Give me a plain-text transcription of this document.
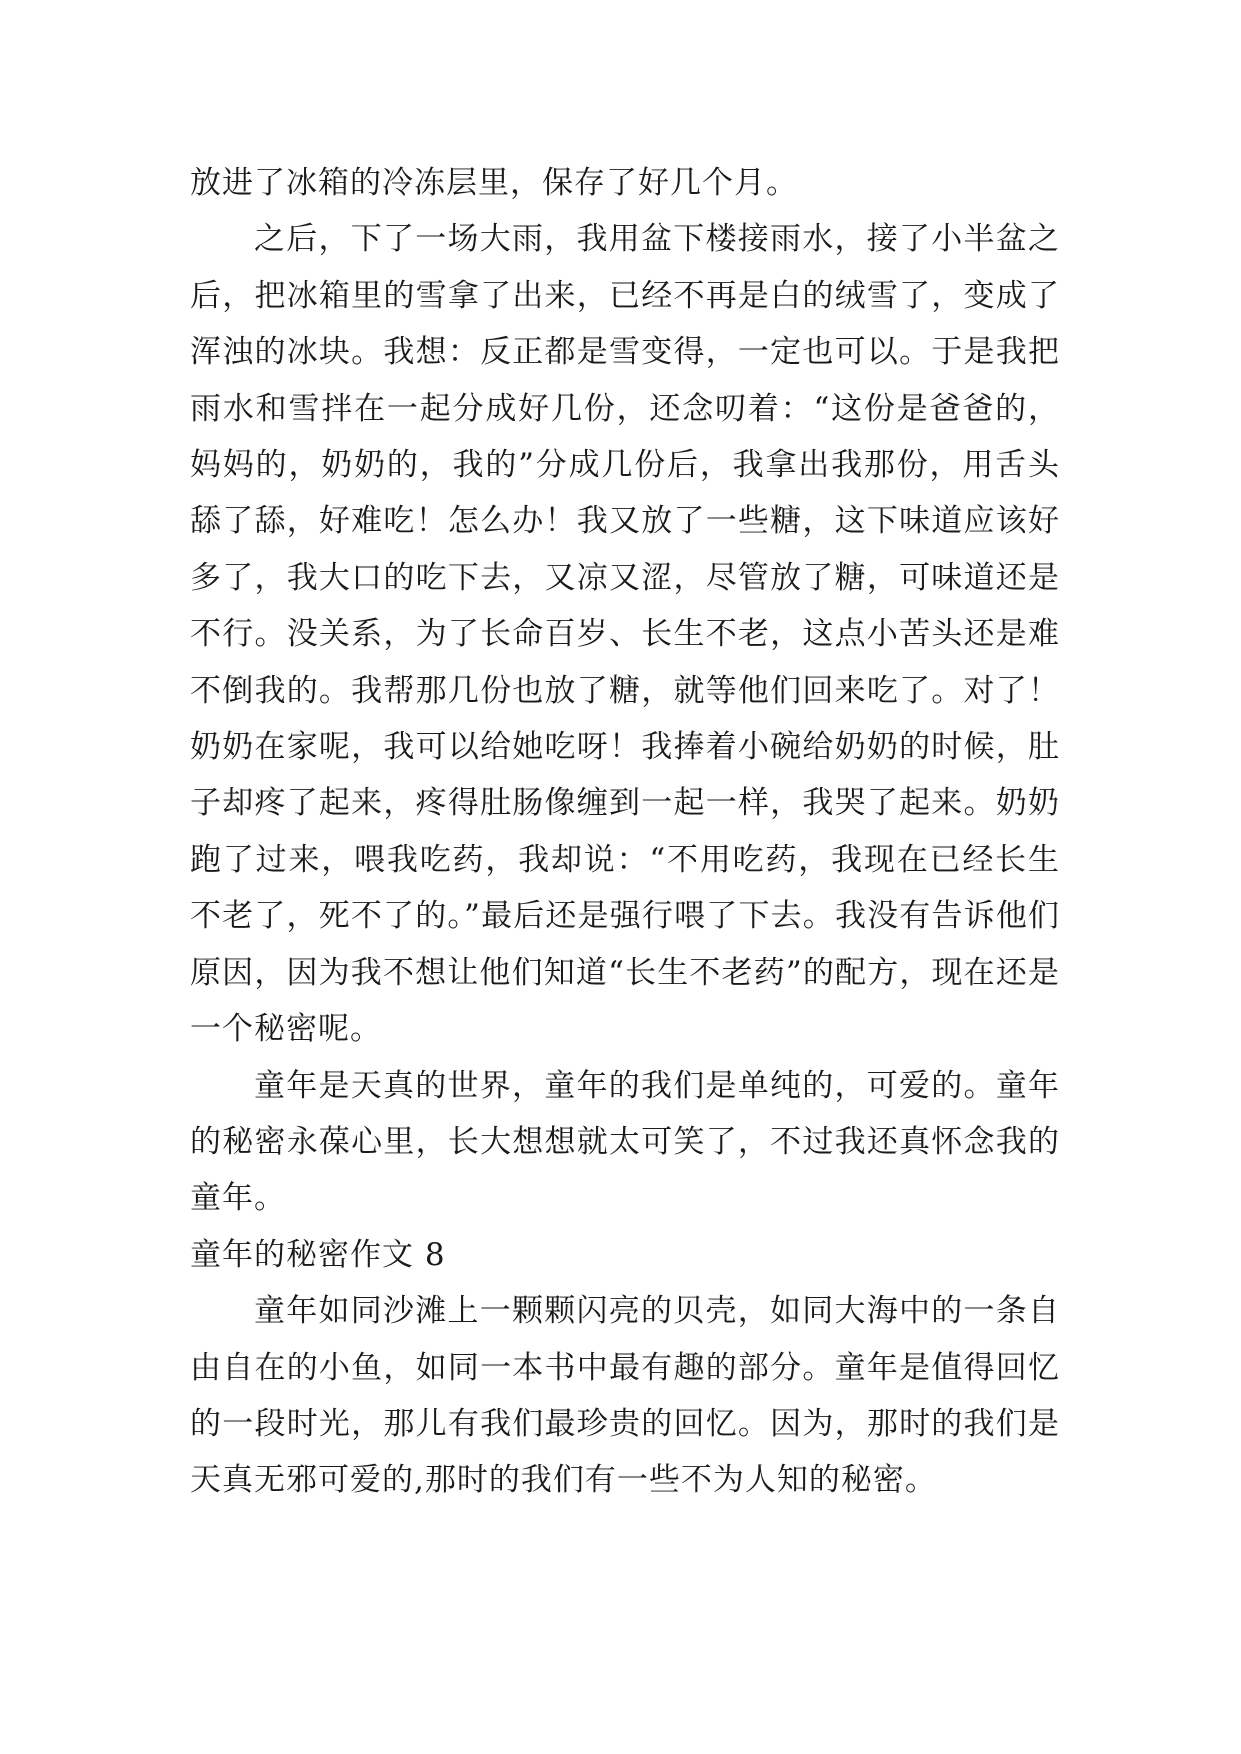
放进了冰箱的冷冻层里，保存了好几个月。

之后，下了一场大雨，我用盆下楼接雨水，接了小半盆之后，把冰箱里的雪拿了出来，已经不再是白的绒雪了，变成了浑浊的冰块。我想：反正都是雪变得，一定也可以。于是我把雨水和雪拌在一起分成好几份，还念叨着：“这份是爸爸的，妈妈的，奶奶的，我的”分成几份后，我拿出我那份，用舌头舔了舔，好难吃！怎么办！我又放了一些糖，这下味道应该好多了，我大口的吃下去，又凉又涩，尽管放了糖，可味道还是不行。没关系，为了长命百岁、长生不老，这点小苦头还是难不倒我的。我帮那几份也放了糖，就等他们回来吃了。对了！奶奶在家呢，我可以给她吃呀！我捧着小碗给奶奶的时候，肚子却疼了起来，疼得肚肠像缠到一起一样，我哭了起来。奶奶跑了过来，喂我吃药，我却说：“不用吃药，我现在已经长生不老了，死不了的。”最后还是强行喂了下去。我没有告诉他们原因，因为我不想让他们知道“长生不老药”的配方，现在还是一个秘密呢。

童年是天真的世界，童年的我们是单纯的，可爱的。童年的秘密永葆心里，长大想想就太可笑了，不过我还真怀念我的童年。

童年的秘密作文 8

童年如同沙滩上一颗颗闪亮的贝壳，如同大海中的一条自由自在的小鱼，如同一本书中最有趣的部分。童年是值得回忆的一段时光，那儿有我们最珍贵的回忆。因为，那时的我们是天真无邪可爱的,那时的我们有一些不为人知的秘密。
